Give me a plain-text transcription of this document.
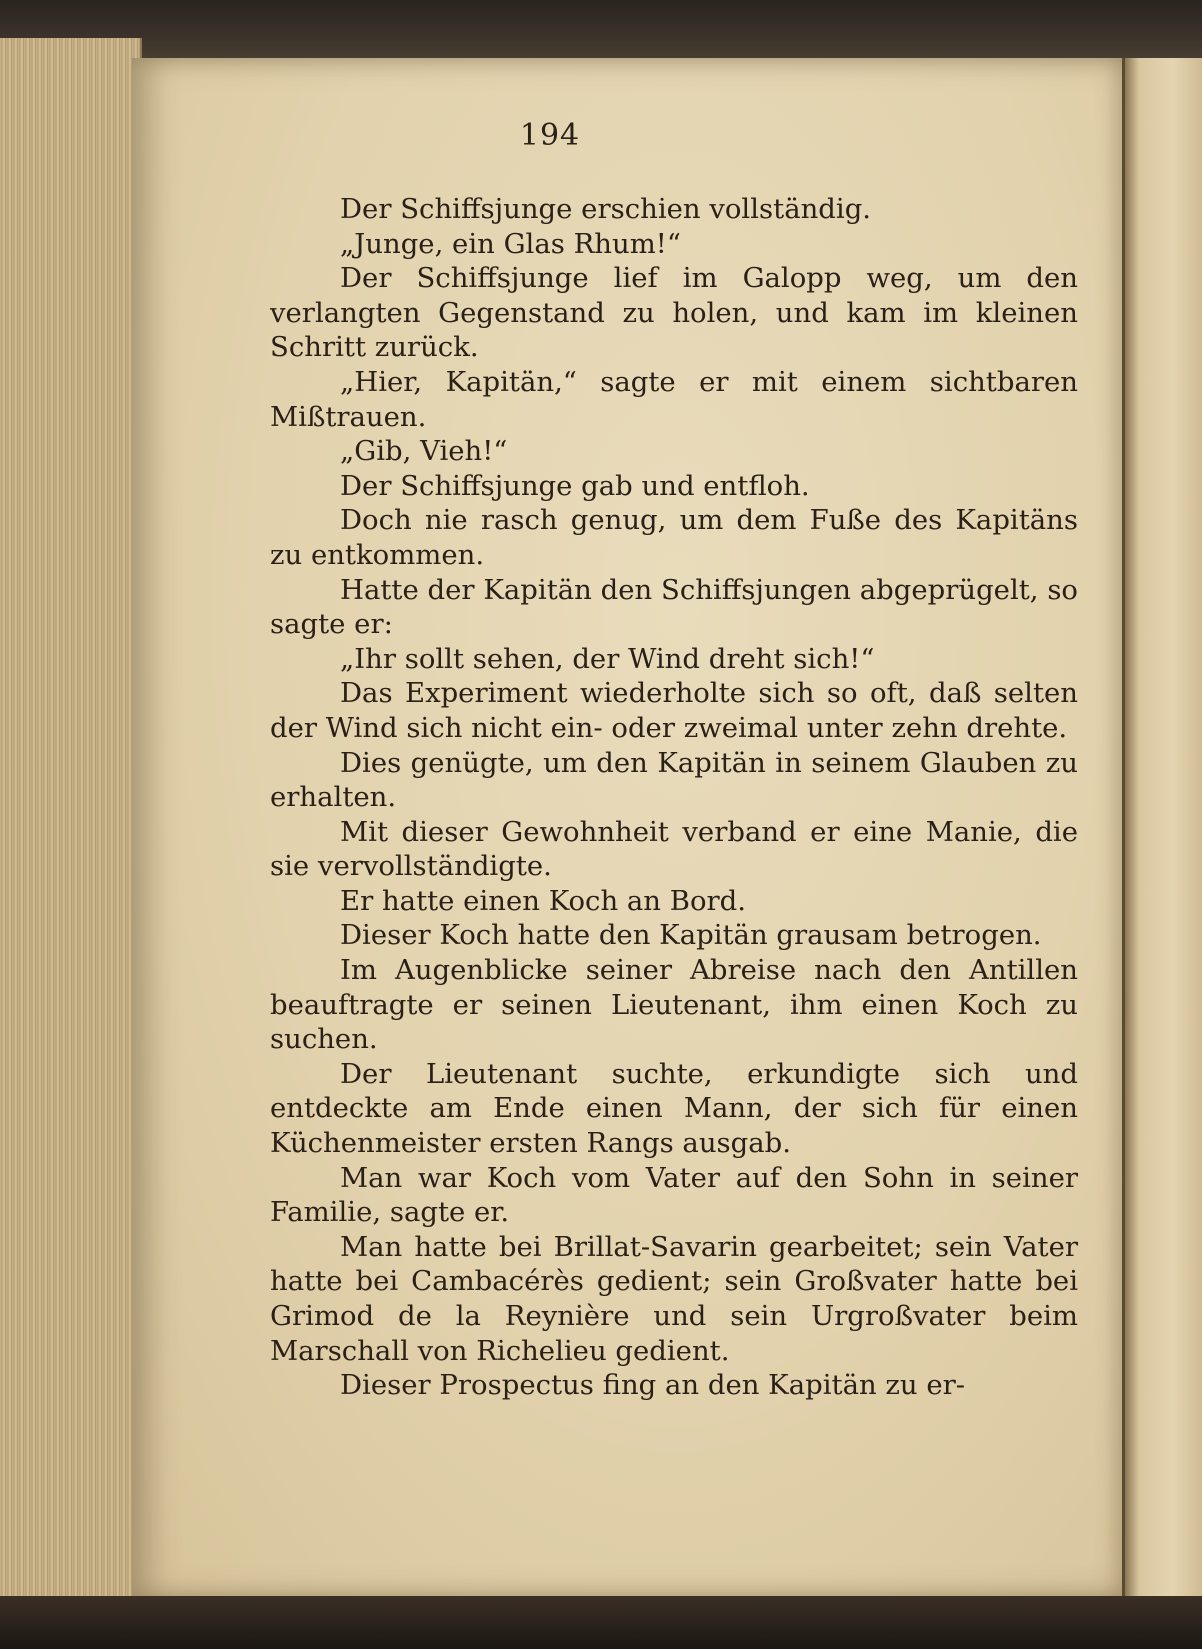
194

Der Schiffsjunge erschien vollständig.

„Junge, ein Glas Rhum!“

Der Schiffsjunge lief im Galopp weg, um den verlangten Gegenstand zu holen, und kam im kleinen Schritt zurück.

„Hier, Kapitän,“ sagte er mit einem sichtbaren Mißtrauen.

„Gib, Vieh!“

Der Schiffsjunge gab und entfloh.

Doch nie rasch genug, um dem Fuße des Kapitäns zu entkommen.

Hatte der Kapitän den Schiffsjungen abgeprügelt, so sagte er:

„Ihr sollt sehen, der Wind dreht sich!“

Das Experiment wiederholte sich so oft, daß selten der Wind sich nicht ein- oder zweimal unter zehn drehte.

Dies genügte, um den Kapitän in seinem Glauben zu erhalten.

Mit dieser Gewohnheit verband er eine Manie, die sie vervollständigte.

Er hatte einen Koch an Bord.

Dieser Koch hatte den Kapitän grausam betrogen.

Im Augenblicke seiner Abreise nach den Antillen beauftragte er seinen Lieutenant, ihm einen Koch zu suchen.

Der Lieutenant suchte, erkundigte sich und entdeckte am Ende einen Mann, der sich für einen Küchenmeister ersten Rangs ausgab.

Man war Koch vom Vater auf den Sohn in seiner Familie, sagte er.

Man hatte bei Brillat-Savarin gearbeitet; sein Vater hatte bei Cambacérès gedient; sein Großvater hatte bei Grimod de la Reynière und sein Urgroßvater beim Marschall von Richelieu gedient.

Dieser Prospectus fing an den Kapitän zu er-
